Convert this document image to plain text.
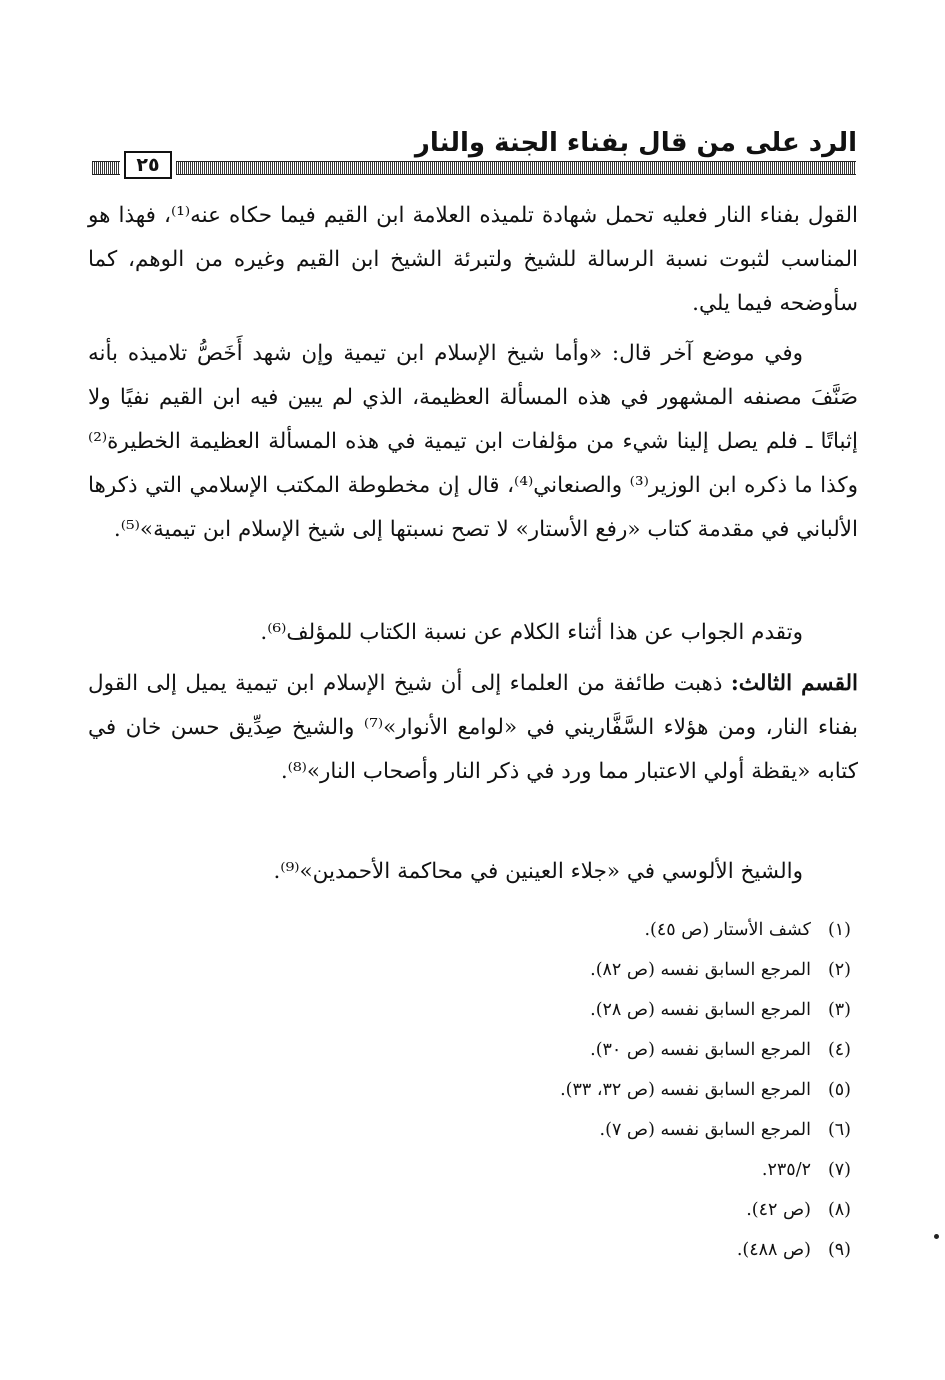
الرد على من قال بفناء الجنة والنار
٢٥

القول بفناء النار فعليه تحمل شهادة تلميذه العلامة ابن القيم فيما حكاه عنه⁽¹⁾، فهذا هو المناسب لثبوت نسبة الرسالة للشيخ ولتبرئة الشيخ ابن القيم وغيره من الوهم، كما سأوضحه فيما يلي.

وفي موضع آخر قال: «وأما شيخ الإسلام ابن تيمية وإن شهد أَخَصُّ تلاميذه بأنه صَنَّفَ مصنفه المشهور في هذه المسألة العظيمة، الذي لم يبين فيه ابن القيم نفيًا ولا إثباتًا ـ فلم يصل إلينا شيء من مؤلفات ابن تيمية في هذه المسألة العظيمة الخطيرة⁽²⁾ وكذا ما ذكره ابن الوزير⁽³⁾ والصنعاني⁽⁴⁾، قال إن مخطوطة المكتب الإسلامي التي ذكرها الألباني في مقدمة كتاب «رفع الأستار» لا تصح نسبتها إلى شيخ الإسلام ابن تيمية»⁽⁵⁾.

وتقدم الجواب عن هذا أثناء الكلام عن نسبة الكتاب للمؤلف⁽⁶⁾.

القسم الثالث: ذهبت طائفة من العلماء إلى أن شيخ الإسلام ابن تيمية يميل إلى القول بفناء النار، ومن هؤلاء السَّفَّاريني في «لوامع الأنوار»⁽⁷⁾ والشيخ صِدِّيق حسن خان في كتابه «يقظة أولي الاعتبار مما ورد في ذكر النار وأصحاب النار»⁽⁸⁾.

والشيخ الألوسي في «جلاء العينين في محاكمة الأحمدين»⁽⁹⁾.

(١)
كشف الأستار (ص ٤٥).
(٢)
المرجع السابق نفسه (ص ٨٢).
(٣)
المرجع السابق نفسه (ص ٢٨).
(٤)
المرجع السابق نفسه (ص ٣٠).
(٥)
المرجع السابق نفسه (ص ٣٢، ٣٣).
(٦)
المرجع السابق نفسه (ص ٧).
(٧)
٢٣٥/٢.
(٨)
(ص ٤٢).
(٩)
(ص ٤٨٨).
